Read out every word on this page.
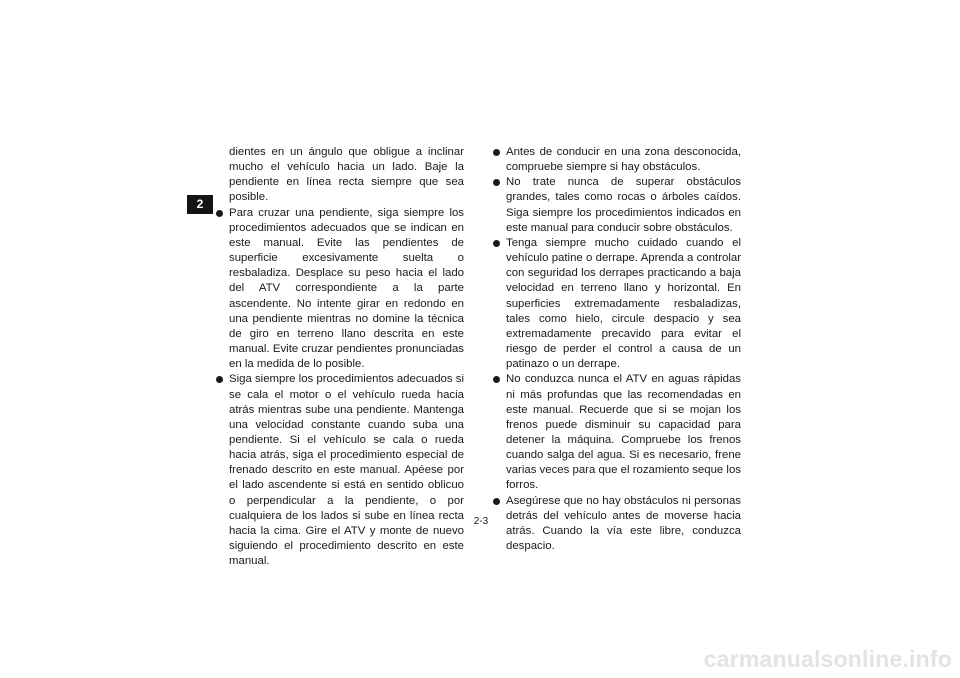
2

dientes en un ángulo que obligue a inclinar mucho el vehículo hacia un lado. Baje la pendiente en línea recta siempre que sea posible.

Para cruzar una pendiente, siga siempre los procedimientos adecuados que se indican en este manual. Evite las pendientes de superficie excesivamente suelta o resbaladiza. Desplace su peso hacia el lado del ATV correspondiente a la parte ascendente. No intente girar en redondo en una pendiente mientras no domine la técnica de giro en terreno llano descrita en este manual. Evite cruzar pendientes pronunciadas en la medida de lo posible.

Siga siempre los procedimientos adecuados si se cala el motor o el vehículo rueda hacia atrás mientras sube una pendiente. Mantenga una velocidad constante cuando suba una pendiente. Si el vehículo se cala o rueda hacia atrás, siga el procedimiento especial de frenado descrito en este manual. Apéese por el lado ascendente si está en sentido oblicuo o perpendicular a la pendiente, o por cualquiera de los lados si sube en línea recta hacia la cima. Gire el ATV y monte de nuevo siguiendo el procedimiento descrito en este manual.

Antes de conducir en una zona desconocida, compruebe siempre si hay obstáculos.

No trate nunca de superar obstáculos grandes, tales como rocas o árboles caídos. Siga siempre los procedimientos indicados en este manual para conducir sobre obstáculos.

Tenga siempre mucho cuidado cuando el vehículo patine o derrape. Aprenda a controlar con seguridad los derrapes practicando a baja velocidad en terreno llano y horizontal. En superficies extremadamente resbaladizas, tales como hielo, circule despacio y sea extremadamente precavido para evitar el riesgo de perder el control a causa de un patinazo o un derrape.

No conduzca nunca el ATV en aguas rápidas ni más profundas que las recomendadas en este manual. Recuerde que si se mojan los frenos puede disminuir su capacidad para detener la máquina. Compruebe los frenos cuando salga del agua. Si es necesario, frene varias veces para que el rozamiento seque los forros.

Asegúrese que no hay obstáculos ni personas detrás del vehículo antes de moverse hacia atrás. Cuando la vía este libre, conduzca despacio.

2-3
carmanualsonline.info
